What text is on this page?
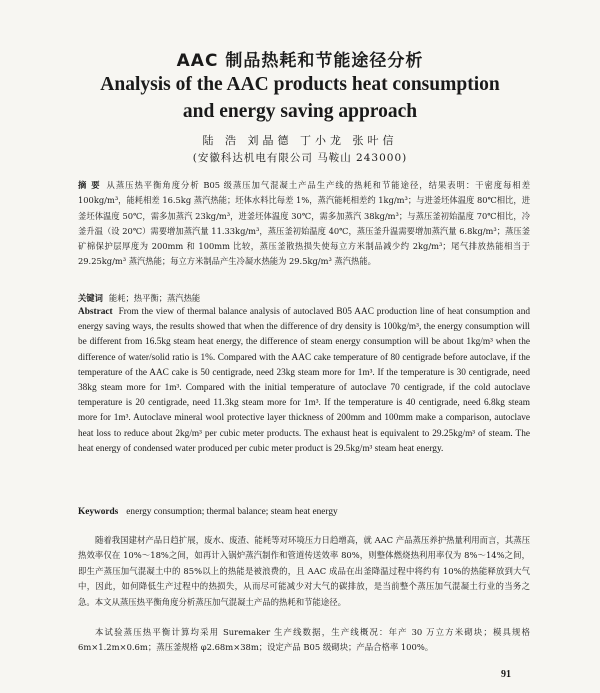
AAC 制品热耗和节能途径分析
Analysis of the AAC products heat consumption
and energy saving approach
陆 浩 刘晶德 丁小龙 张叶信
(安徽科达机电有限公司 马鞍山 243000)
摘 要 从蒸压热平衡角度分析 B05 级蒸压加气混凝土产品生产线的热耗和节能途径，结果表明：干密度每相差 100kg/m³，能耗相差 16.5kg 蒸汽热能；坯体水料比每差 1%，蒸汽能耗相差约 1kg/m³；与进釜坯体温度 80℃相比，进釜坯体温度 50℃，需多加蒸汽 23kg/m³，进釜坯体温度 30℃，需多加蒸汽 38kg/m³；与蒸压釜初始温度 70℃相比，冷釜升温（设 20℃）需要增加蒸汽量 11.33kg/m³，蒸压釜初始温度 40℃，蒸压釜升温需要增加蒸汽量 6.8kg/m³；蒸压釜矿棉保护层厚度为 200mm 和 100mm 比较，蒸压釜散热损失使每立方米制品减少约 2kg/m³；尾气排放热能相当于 29.25kg/m³ 蒸汽热能；每立方米制品产生冷凝水热能为 29.5kg/m³ 蒸汽热能。
关键词 能耗；热平衡；蒸汽热能
Abstract From the view of thermal balance analysis of autoclaved B05 AAC production line of heat consumption and energy saving ways, the results showed that when the difference of dry density is 100kg/m³, the energy consumption will be different from 16.5kg steam heat energy, the difference of steam energy consumption will be about 1kg/m³ when the difference of water/solid ratio is 1%. Compared with the AAC cake temperature of 80 centigrade before autoclave, if the temperature of the AAC cake is 50 centigrade, need 23kg steam more for 1m³. If the temperature is 30 centigrade, need 38kg steam more for 1m³. Compared with the initial temperature of autoclave 70 centigrade, if the cold autoclave temperature is 20 centigrade, need 11.3kg steam more for 1m³. If the temperature is 40 centigrade, need 6.8kg steam more for 1m³. Autoclave mineral wool protective layer thickness of 200mm and 100mm make a comparison, autoclave heat loss to reduce about 2kg/m³ per cubic meter products. The exhaust heat is equivalent to 29.25kg/m³ of steam. The heat energy of condensed water produced per cubic meter product is 29.5kg/m³ steam heat energy.
Keywords energy consumption; thermal balance; steam heat energy
随着我国建材产品日趋扩展，废水、废渣、能耗等对环境压力日趋增高，就 AAC 产品蒸压养护热量利用而言，其蒸压热效率仅在 10%～18%之间，如再计入锅炉蒸汽制作和管道传送效率 80%，则整体燃烧热利用率仅为 8%～14%之间，即生产蒸压加气混凝土中的 85%以上的热能是被浪费的，且 AAC 成品在出釜降温过程中将约有 10%的热能释放到大气中，因此，如何降低生产过程中的热损失，从而尽可能减少对大气的碳排放，是当前整个蒸压加气混凝土行业的当务之急。本文从蒸压热平衡角度分析蒸压加气混凝土产品的热耗和节能途径。
本试验蒸压热平衡计算均采用 Suremaker 生产线数据，生产线概况：年产 30 万立方米砌块；模具规格 6m×1.2m×0.6m；蒸压釜规格 φ2.68m×38m；设定产品 B05 级砌块；产品合格率 100%。
91
